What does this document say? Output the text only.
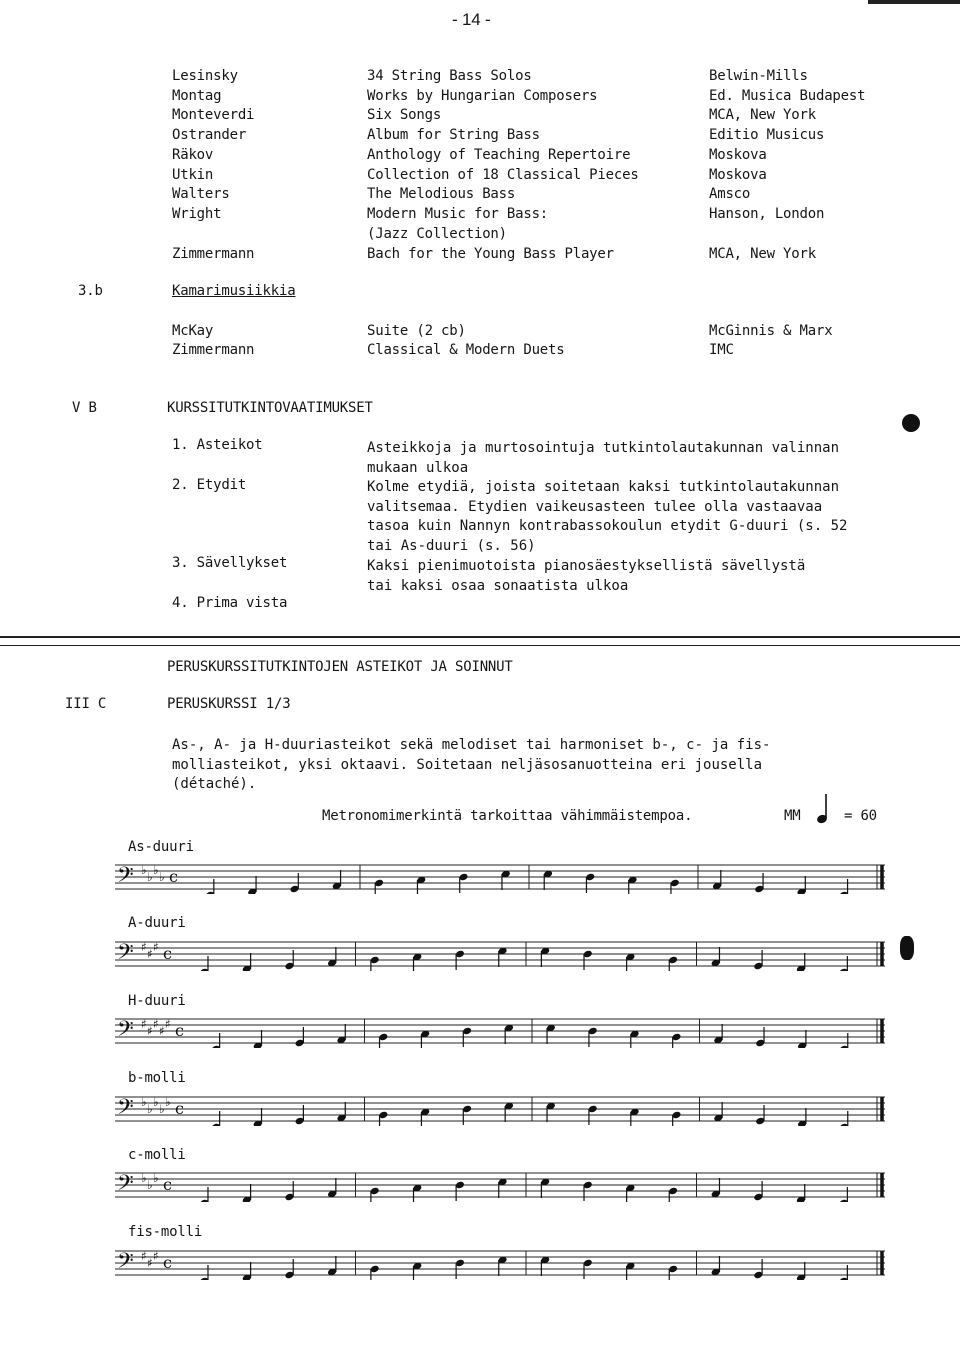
- 14 -
Lesinsky	34 String Bass Solos	Belwin-Mills
Montag	Works by Hungarian Composers	Ed. Musica Budapest
Monteverdi	Six Songs	MCA, New York
Ostrander	Album for String Bass	Editio Musicus
Räkov	Anthology of Teaching Repertoire	Moskova
Utkin	Collection of 18 Classical Pieces	Moskova
Walters	The Melodious Bass	Amsco
Wright	Modern Music for Bass:	Hanson, London
(Jazz Collection)
Zimmermann	Bach for the Young Bass Player	MCA, New York
3.b	Kamarimusiikkia
McKay	Suite (2 cb)	McGinnis & Marx
Zimmermann	Classical & Modern Duets	IMC
V B	KURSSITUTKINTOVAATIMUKSET
1. Asteikot	Asteikkoja ja murtosointuja tutkintolautakunnan valinnan
mukaan ulkoa
2. Etydit	Kolme etydiä, joista soitetaan kaksi tutkintolautakunnan
valitsemaa. Etydien vaikeusasteen tulee olla vastaavaa
tasoa kuin Nannyn kontrabassokoulun etydit G-duuri (s. 52
tai As-duuri (s. 56)
3. Sävellykset	Kaksi pienimuotoista pianosäestyksellistä sävellystä
tai kaksi osaa sonaatista ulkoa
4. Prima vista
PERUSKURSSITUTKINTOJEN ASTEIKOT JA SOINNUT
III C	PERUSKURSSI 1/3
As-, A- ja H-duuriasteikot sekä melodiset tai harmoniset b-, c- ja fis-
molliasteikot, yksi oktaavi. Soitetaan neljäsosanuotteina eri jousella
(détaché).
Metronomimerkintä tarkoittaa vähimmäistempoa.	MM	= 60
As-duuri
𝄢 ♭ ♭ ♭ ♭ c
A-duuri
𝄢 ♯ ♯ ♯ c
H-duuri
𝄢 ♯ ♯ ♯ ♯ ♯ c
b-molli
𝄢 ♭ ♭ ♭ ♭ ♭ c
c-molli
𝄢 ♭ ♭ ♭ c
fis-molli
𝄢 ♯ ♯ ♯ c
